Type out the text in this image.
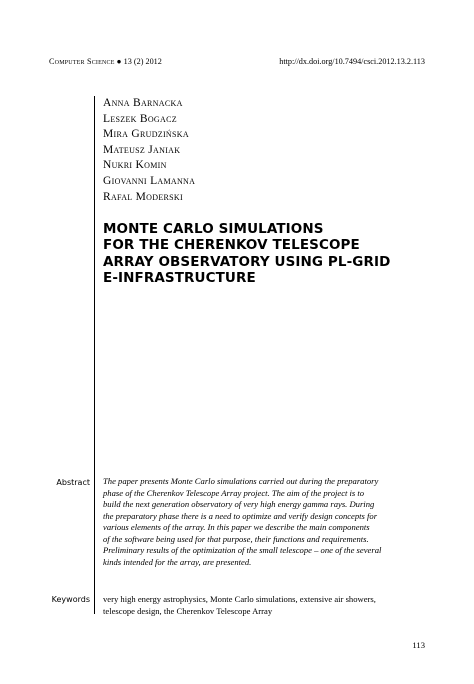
Computer Science ● 13 (2) 2012	http://dx.doi.org/10.7494/csci.2012.13.2.113
Anna Barnacka
Leszek Bogacz
Mira Grudzińska
Mateusz Janiak
Nukri Komin
Giovanni Lamanna
Rafal Moderski
MONTE CARLO SIMULATIONS
FOR THE CHERENKOV TELESCOPE
ARRAY OBSERVATORY USING PL-GRID
E-INFRASTRUCTURE
Abstract The paper presents Monte Carlo simulations carried out during the preparatory
phase of the Cherenkov Telescope Array project. The aim of the project is to
build the next generation observatory of very high energy gamma rays. During
the preparatory phase there is a need to optimize and verify design concepts for
various elements of the array. In this paper we describe the main components
of the software being used for that purpose, their functions and requirements.
Preliminary results of the optimization of the small telescope – one of the several
kinds intended for the array, are presented.
Keywords very high energy astrophysics, Monte Carlo simulations, extensive air showers,
telescope design, the Cherenkov Telescope Array
113
